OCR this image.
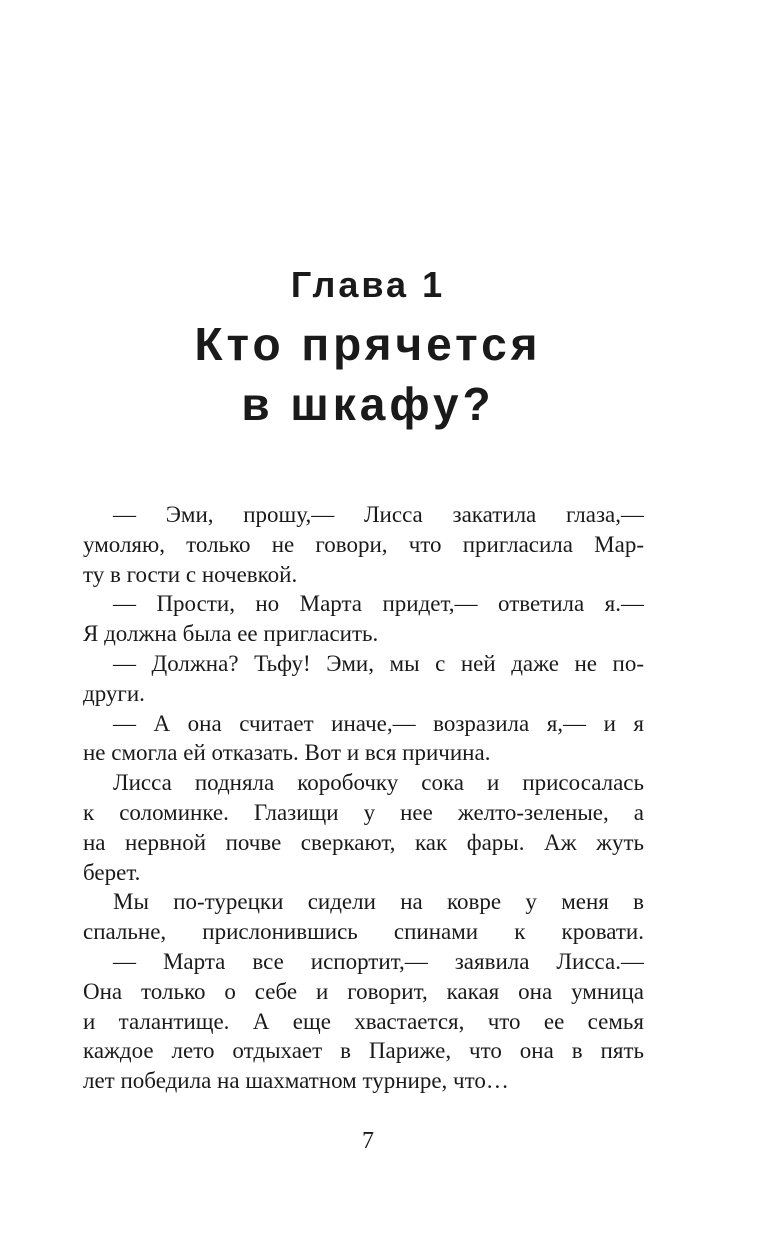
Глава 1
Кто прячется
в шкафу?
— Эми, прошу,— Лисса закатила глаза,—
умоляю, только не говори, что пригласила Мар-
ту в гости с ночевкой.
— Прости, но Марта придет,— ответила я.—
Я должна была ее пригласить.
— Должна? Тьфу! Эми, мы с ней даже не по-
други.
— А она считает иначе,— возразила я,— и я
не смогла ей отказать. Вот и вся причина.
Лисса подняла коробочку сока и присосалась
к соломинке. Глазищи у нее желто-зеленые, а
на нервной почве сверкают, как фары. Аж жуть
берет.
Мы по-турецки сидели на ковре у меня в
спальне, прислонившись спинами к кровати.
— Марта все испортит,— заявила Лисса.—
Она только о себе и говорит, какая она умница
и талантище. А еще хвастается, что ее семья
каждое лето отдыхает в Париже, что она в пять
лет победила на шахматном турнире, что…
7
